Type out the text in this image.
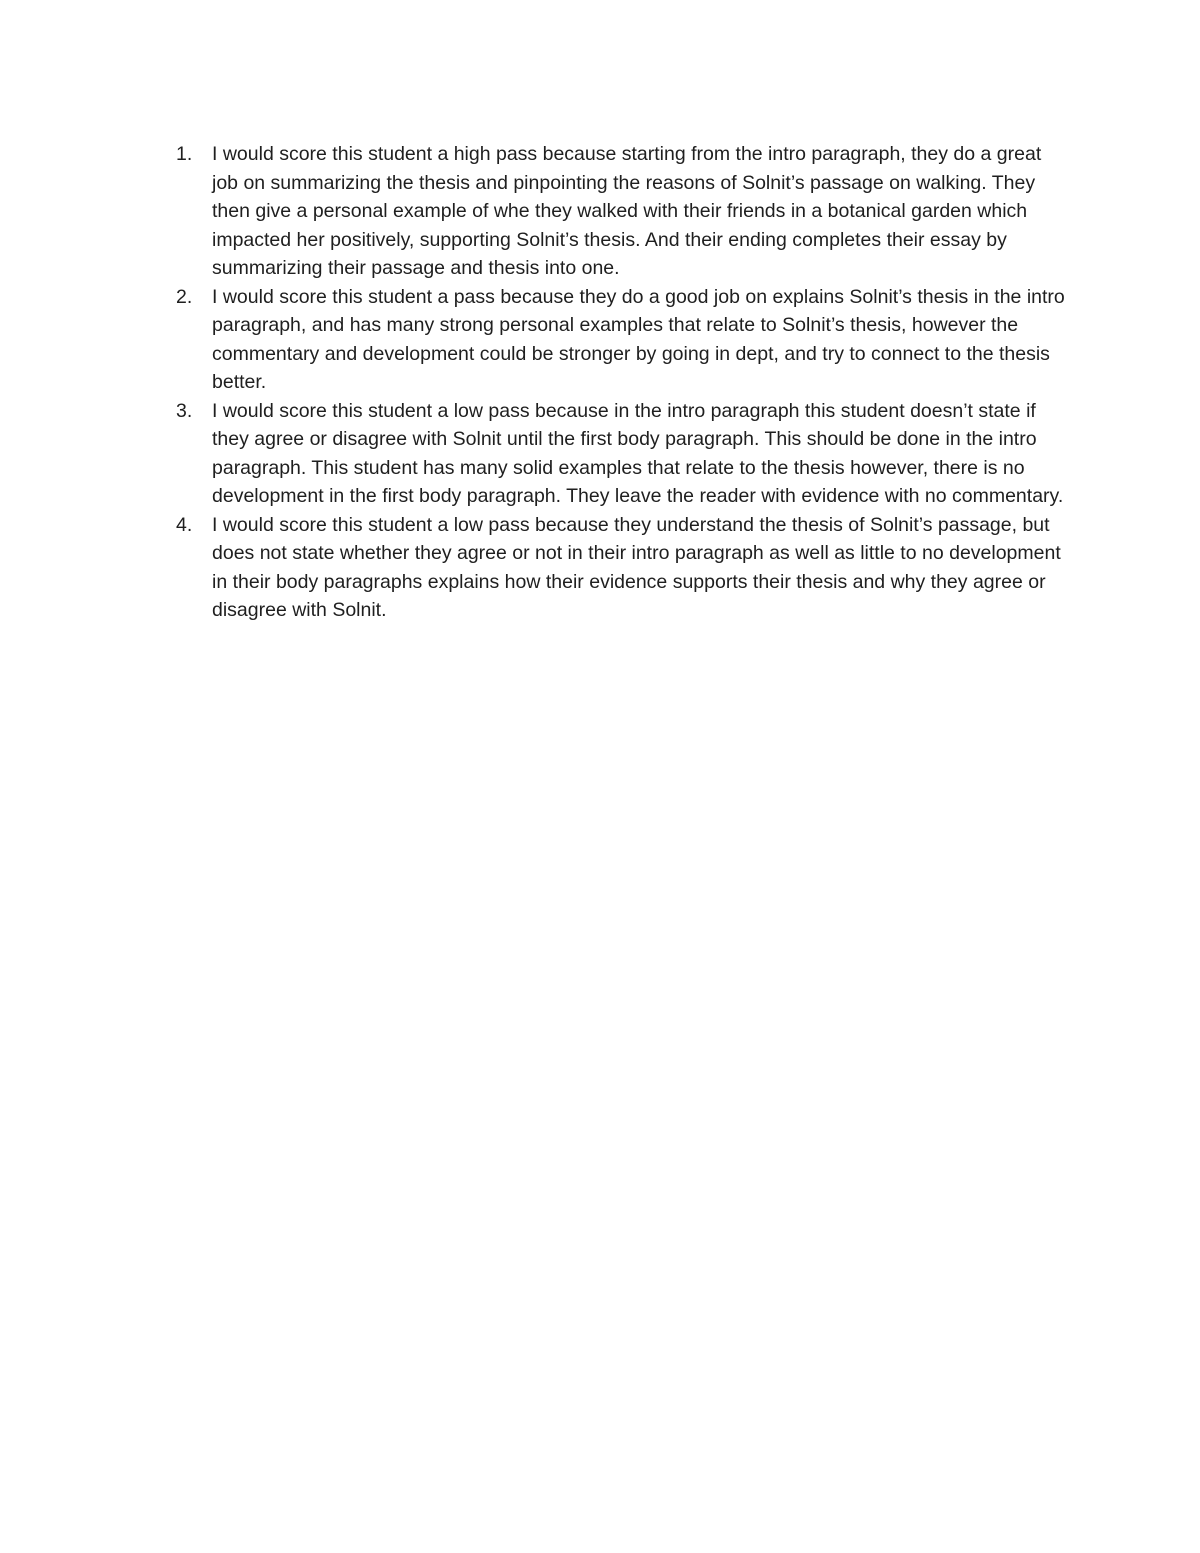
1. I would score this student a high pass because starting from the intro paragraph, they do a great job on summarizing the thesis and pinpointing the reasons of Solnit’s passage on walking. They then give a personal example of whe they walked with their friends in a botanical garden which impacted her positively, supporting Solnit’s thesis. And their ending completes their essay by summarizing their passage and thesis into one.
2. I would score this student a pass because they do a good job on explains Solnit’s thesis in the intro paragraph, and has many strong personal examples that relate to Solnit’s thesis, however the commentary and development could be stronger by going in dept, and try to connect to the thesis better.
3. I would score this student a low pass because in the intro paragraph this student doesn’t state if they agree or disagree with Solnit until the first body paragraph. This should be done in the intro paragraph. This student has many solid examples that relate to the thesis however, there is no development in the first body paragraph. They leave the reader with evidence with no commentary.
4. I would score this student a low pass because they understand the thesis of Solnit’s passage, but does not state whether they agree or not in their intro paragraph as well as little to no development in their body paragraphs explains how their evidence supports their thesis and why they agree or disagree with Solnit.
